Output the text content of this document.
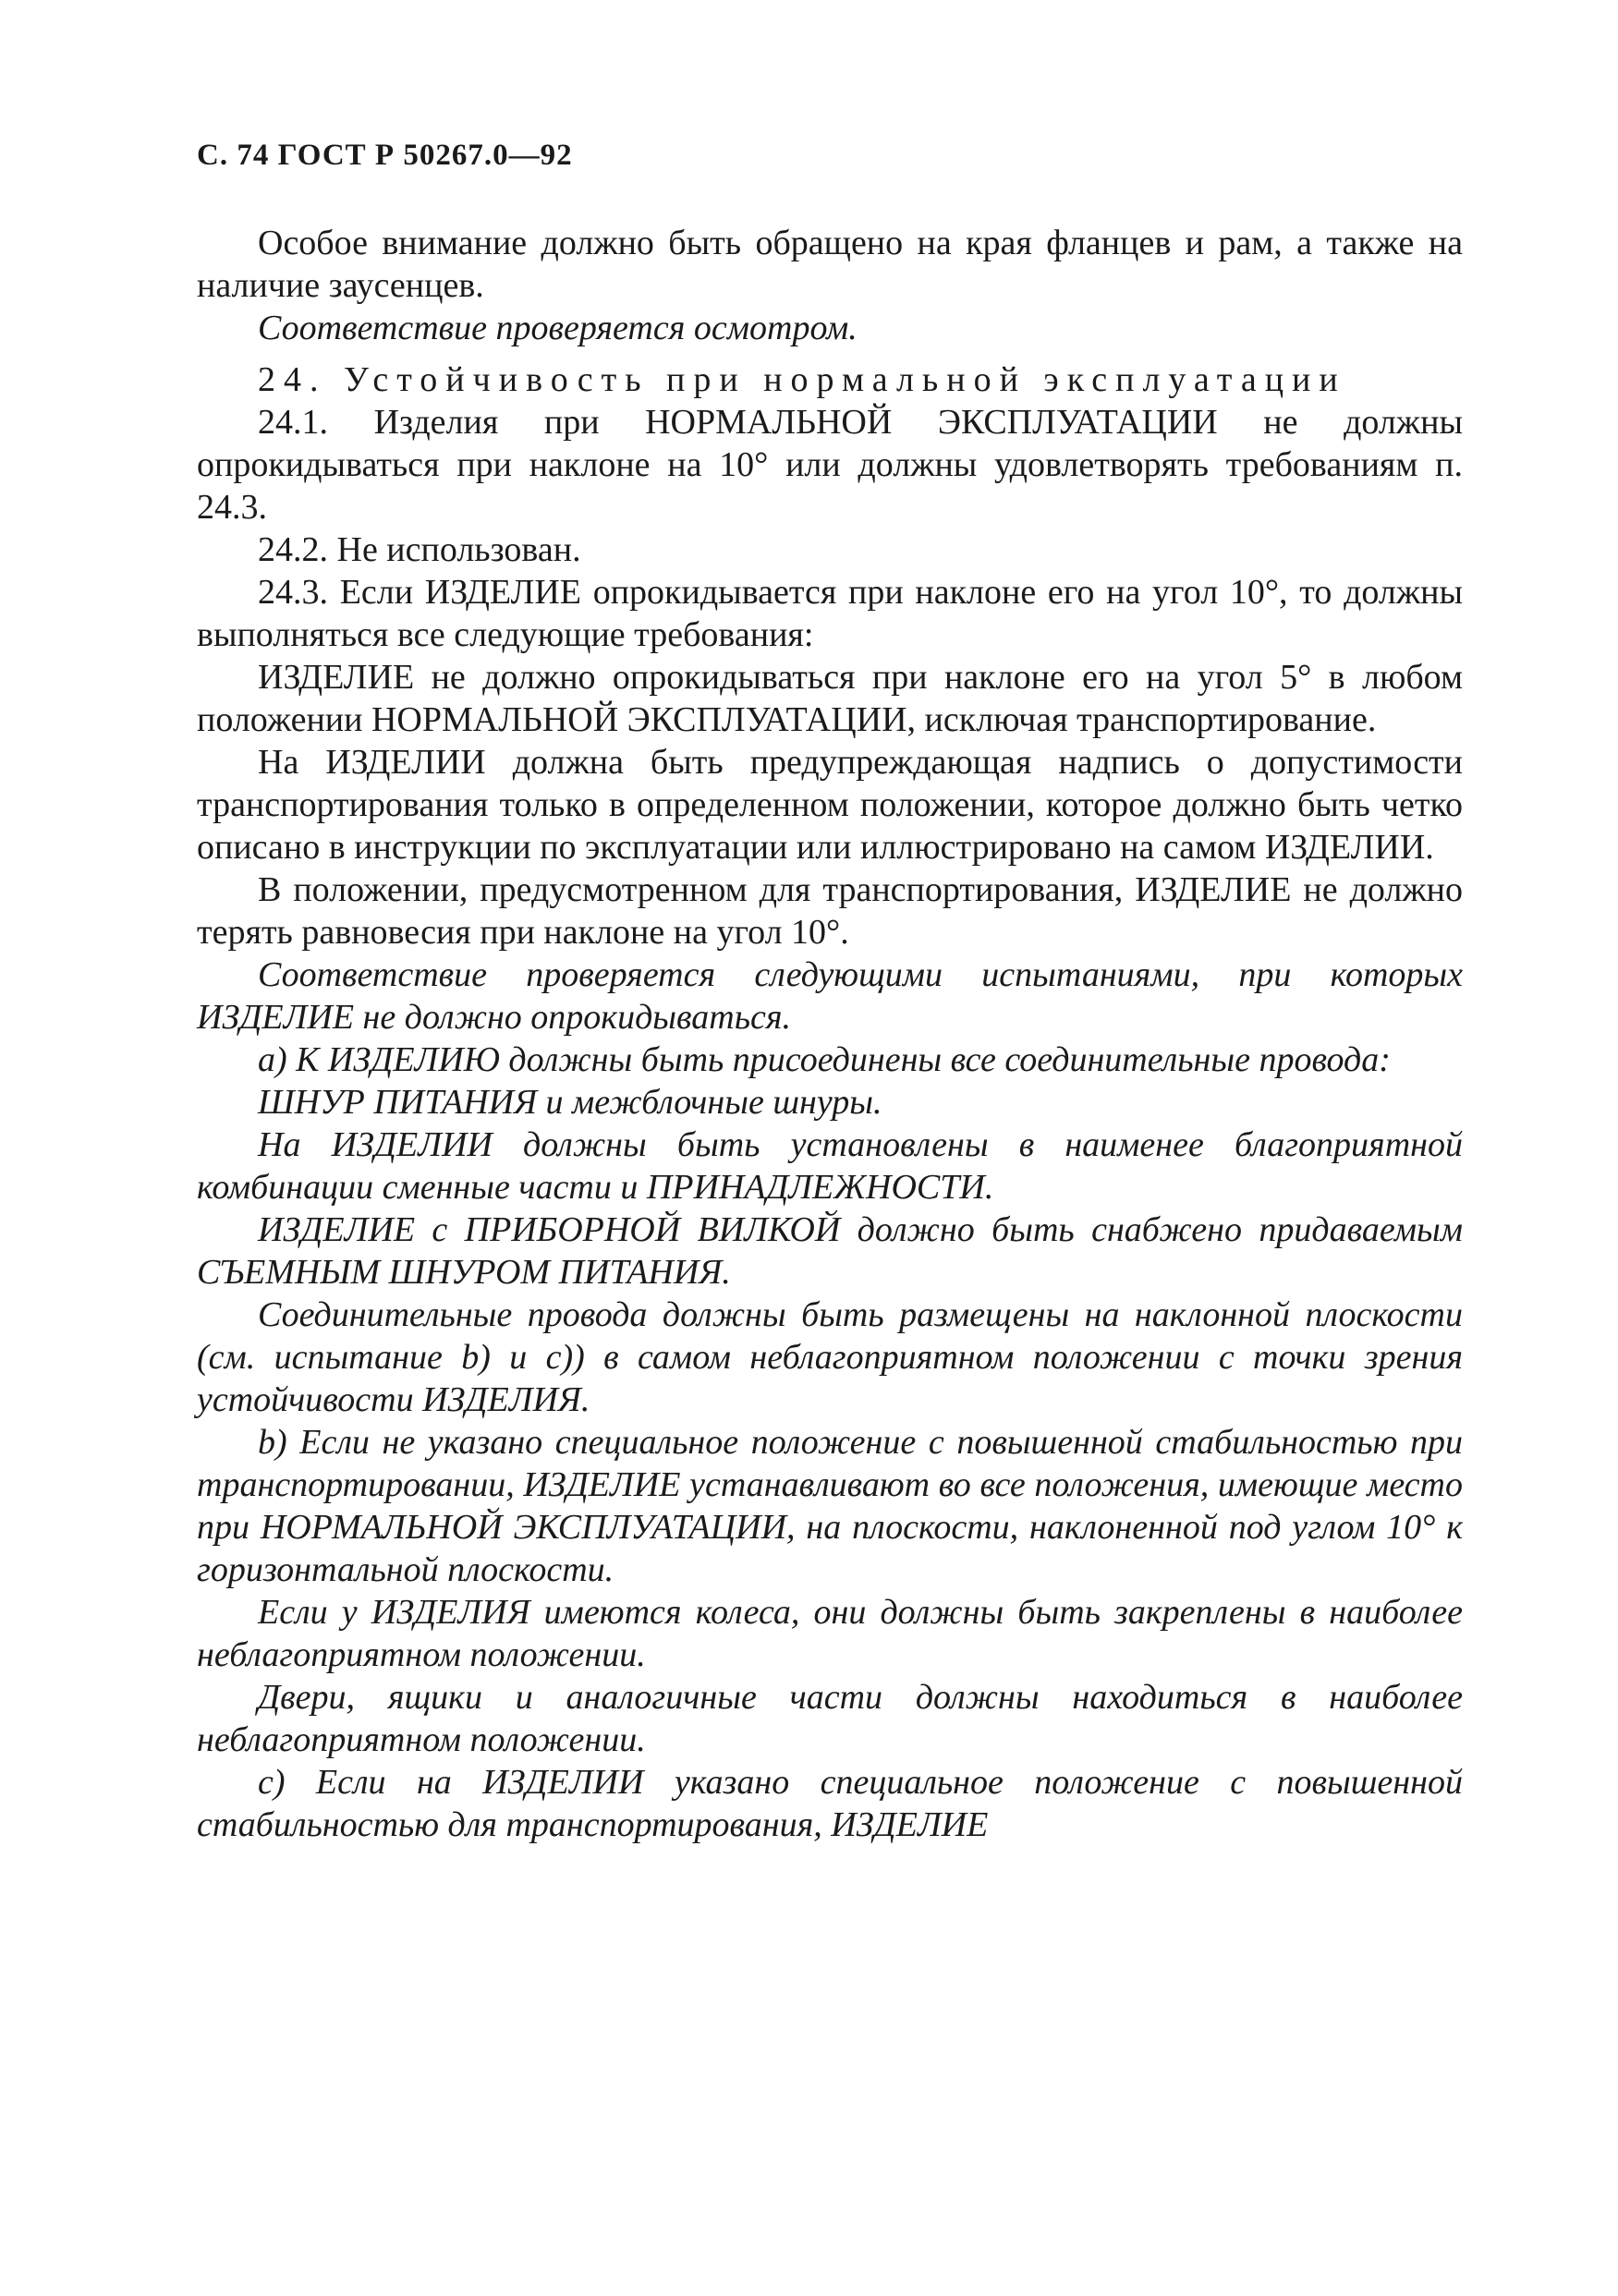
С. 74 ГОСТ Р 50267.0—92

Особое внимание должно быть обращено на края фланцев и рам, а также на наличие заусенцев.

Соответствие проверяется осмотром.

24. Устойчивость при нормальной эксплуатации

24.1. Изделия при НОРМАЛЬНОЙ ЭКСПЛУАТАЦИИ не должны опрокидываться при наклоне на 10° или должны удовлетворять требованиям п. 24.3.

24.2. Не использован.

24.3. Если ИЗДЕЛИЕ опрокидывается при наклоне его на угол 10°, то должны выполняться все следующие требования:

ИЗДЕЛИЕ не должно опрокидываться при наклоне его на угол 5° в любом положении НОРМАЛЬНОЙ ЭКСПЛУАТАЦИИ, исключая транспортирование.

На ИЗДЕЛИИ должна быть предупреждающая надпись о допустимости транспортирования только в определенном положении, которое должно быть четко описано в инструкции по эксплуатации или иллюстрировано на самом ИЗДЕЛИИ.

В положении, предусмотренном для транспортирования, ИЗДЕЛИЕ не должно терять равновесия при наклоне на угол 10°.

Соответствие проверяется следующими испытаниями, при которых ИЗДЕЛИЕ не должно опрокидываться.

а) К ИЗДЕЛИЮ должны быть присоединены все соединительные провода:

ШНУР ПИТАНИЯ и межблочные шнуры.

На ИЗДЕЛИИ должны быть установлены в наименее благоприятной комбинации сменные части и ПРИНАДЛЕЖНОСТИ.

ИЗДЕЛИЕ с ПРИБОРНОЙ ВИЛКОЙ должно быть снабжено придаваемым СЪЕМНЫМ ШНУРОМ ПИТАНИЯ.

Соединительные провода должны быть размещены на наклонной плоскости (см. испытание b) и c)) в самом неблагоприятном положении с точки зрения устойчивости ИЗДЕЛИЯ.

b) Если не указано специальное положение с повышенной стабильностью при транспортировании, ИЗДЕЛИЕ устанавливают во все положения, имеющие место при НОРМАЛЬНОЙ ЭКСПЛУАТАЦИИ, на плоскости, наклоненной под углом 10° к горизонтальной плоскости.

Если у ИЗДЕЛИЯ имеются колеса, они должны быть закреплены в наиболее неблагоприятном положении.

Двери, ящики и аналогичные части должны находиться в наиболее неблагоприятном положении.

с) Если на ИЗДЕЛИИ указано специальное положение с повышенной стабильностью для транспортирования, ИЗДЕЛИЕ
